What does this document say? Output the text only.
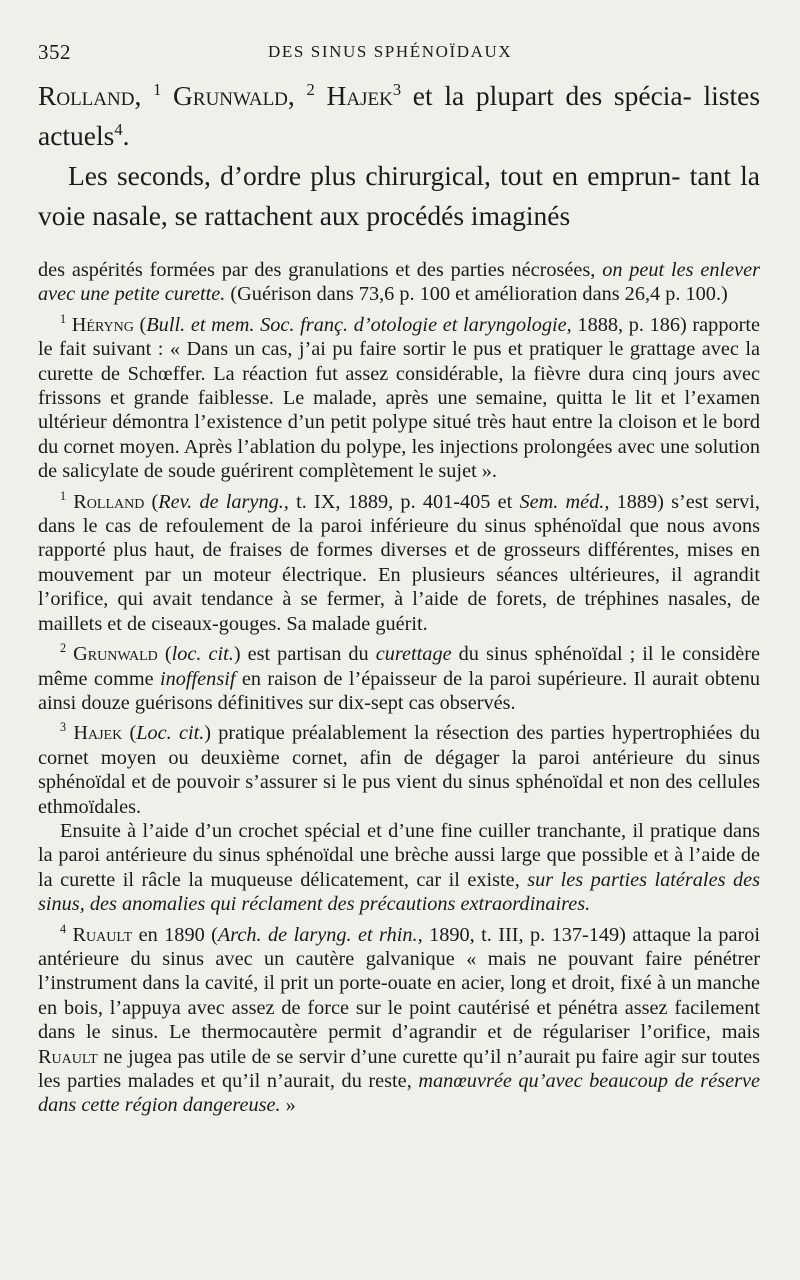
352	DES SINUS SPHÉNOÏDAUX

Rolland, $^1$ Grunwald, $^2$ Hajek$^3$ et la plupart des spécia- listes actuels$^4$.

Les seconds, d’ordre plus chirurgical, tout en emprun- tant la voie nasale, se rattachent aux procédés imaginés

des aspérités formées par des granulations et des parties nécrosées, on peut les enlever avec une petite curette. (Guérison dans 73,6 p. 100 et amélioration dans 26,4 p. 100.)

$^1$ Héryng (Bull. et mem. Soc. franç. d’otologie et laryngologie, 1888, p. 186) rapporte le fait suivant : « Dans un cas, j’ai pu faire sortir le pus et pratiquer le grattage avec la curette de Schœffer. La réaction fut assez considérable, la fièvre dura cinq jours avec frissons et grande faiblesse. Le malade, après une semaine, quitta le lit et l’examen ultérieur démontra l’existence d’un petit polype situé très haut entre la cloison et le bord du cornet moyen. Après l’ablation du polype, les injections prolongées avec une solution de salicylate de soude guérirent complètement le sujet ».

$^1$ Rolland (Rev. de laryng., t. IX, 1889, p. 401-405 et Sem. méd., 1889) s’est servi, dans le cas de refoulement de la paroi inférieure du sinus sphénoïdal que nous avons rapporté plus haut, de fraises de formes diverses et de grosseurs différentes, mises en mouvement par un moteur électrique. En plusieurs séances ultérieures, il agrandit l’orifice, qui avait tendance à se fermer, à l’aide de forets, de tréphines nasales, de maillets et de ciseaux-gouges. Sa malade guérit.

$^2$ Grunwald (loc. cit.) est partisan du curettage du sinus sphénoïdal ; il le considère même comme inoffensif en raison de l’épaisseur de la paroi supérieure. Il aurait obtenu ainsi douze guérisons définitives sur dix-sept cas observés.

$^3$ Hajek (Loc. cit.) pratique préalablement la résection des parties hypertrophiées du cornet moyen ou deuxième cornet, afin de dégager la paroi antérieure du sinus sphénoïdal et de pouvoir s’assurer si le pus vient du sinus sphénoïdal et non des cellules ethmoïdales.

Ensuite à l’aide d’un crochet spécial et d’une fine cuiller tranchante, il pratique dans la paroi antérieure du sinus sphénoïdal une brèche aussi large que possible et à l’aide de la curette il râcle la muqueuse délicatement, car il existe, sur les parties latérales des sinus, des anomalies qui réclament des précautions extraordinaires.

$^4$ Ruault en 1890 (Arch. de laryng. et rhin., 1890, t. III, p. 137-149) attaque la paroi antérieure du sinus avec un cautère galvanique « mais ne pouvant faire pénétrer l’instrument dans la cavité, il prit un porte-ouate en acier, long et droit, fixé à un manche en bois, l’appuya avec assez de force sur le point cautérisé et pénétra assez facilement dans le sinus. Le thermocautère permit d’agrandir et de régulariser l’orifice, mais Ruault ne jugea pas utile de se servir d’une curette qu’il n’aurait pu faire agir sur toutes les parties malades et qu’il n’aurait, du reste, manœuvrée qu’avec beaucoup de réserve dans cette région dangereuse. »
